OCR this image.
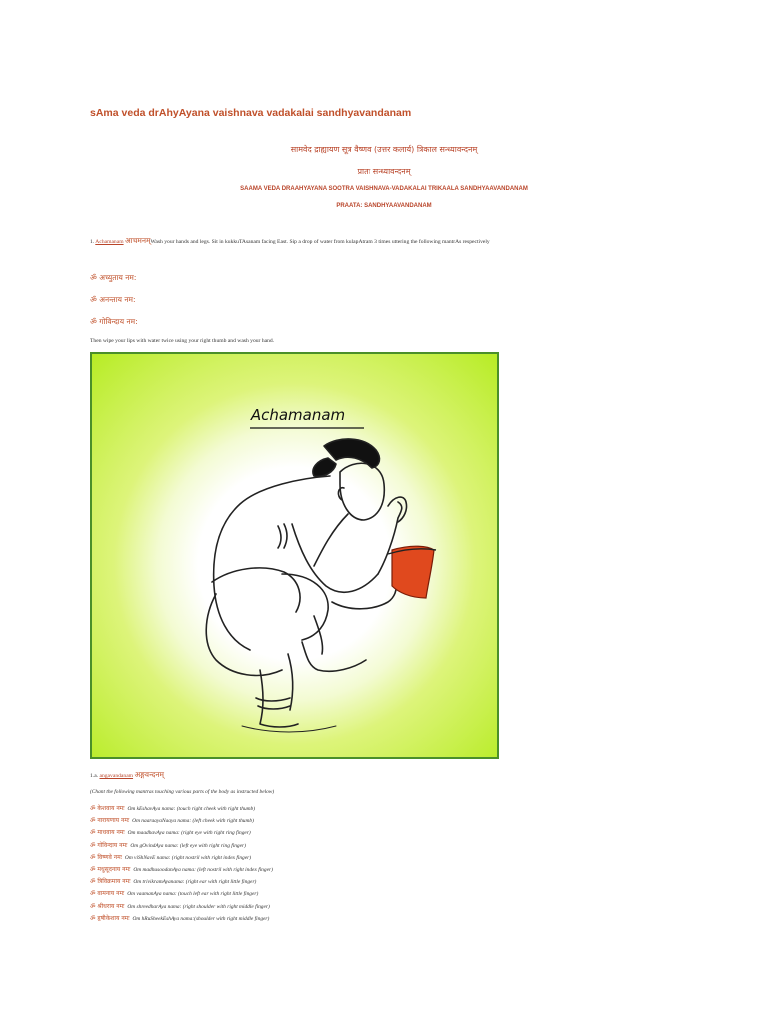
sAma veda drAhyAyana vaishnava vadakalai sandhyavandanam
सामवेद द्राह्यायण सूत्र वैष्णव (उत्तर कलार्य) त्रिकाल सन्ध्यावन्दनम्
प्रातः सन्ध्यावन्दनम्
SAAMA VEDA DRAAHYAYANA SOOTRA VAISHNAVA-VADAKALAI TRIKAALA SANDHYAAVANDANAM
PRAATA: SANDHYAAVANDANAM
1. Achamanam आचमनम्Wash your hands and legs. Sit in kukkuTAsanam facing East. Sip a drop of water from kulapAtram 3 times uttering the following mantrAs respectively
ॐ अच्युताय नम:
ॐ अनन्ताय नम:
ॐ गोविन्दाय नम:
Then wipe your lips with water twice using your right thumb and wash your hand.
Achamanam
1.a. angavandanam अङ्गवन्दनम्
(Chant the following mantras touching various parts of the body as instructed below)
ॐ केशवाय नमः Om kEshavAya nama: (touch right cheek with right thumb)
ॐ नारायणाय नमः Om naaraayaNaaya nama: (left cheek with right thumb)
ॐ माधवाय नमः Om maadhavAya nama: (right eye with right ring finger)
ॐ गोविन्दाय नमः Om gOvindAya nama: (left eye with right ring finger)
ॐ विष्णवे नमः Om viShNavE nama: (right nostril with right index finger)
ॐ मधुसूदनाय नमः Om madhusoodanAya nama: (left nostril with right index finger)
ॐ त्रिविक्रमाय नमः Om trivikramAyanama: (right ear with right little finger)
ॐ वामनाय नमः Om vaamanAya nama: (touch left ear with right little finger)
ॐ श्रीधराय नमः Om shreedharAya nama: (right shoulder with right middle finger)
ॐ हृषीकेशाय नमः Om hRuSheekEshAya nama:(shoulder with right middle finger)
